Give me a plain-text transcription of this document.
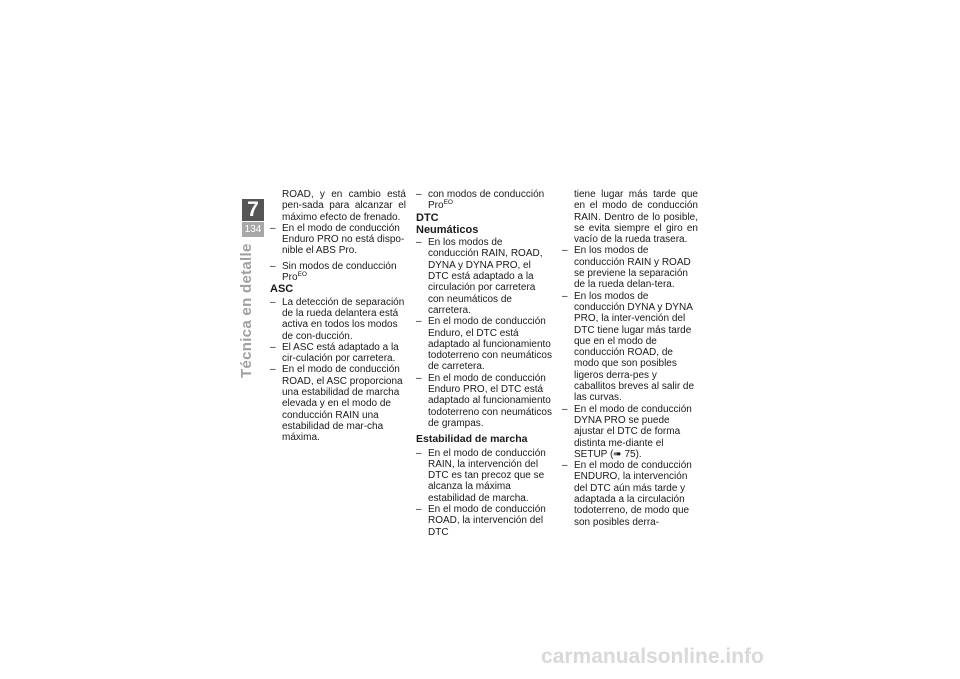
7
134
Técnica en detalle

ROAD, y en cambio está pen-sada para alcanzar el máximo efecto de frenado.

– En el modo de conducción Enduro PRO no está dispo-nible el ABS Pro.

– Sin modos de conducción Pro$^{EO}$

ASC

– La detección de separación de la rueda delantera está activa en todos los modos de con-ducción.

– El ASC está adaptado a la cir-culación por carretera.

– En el modo de conducción ROAD, el ASC proporciona una estabilidad de marcha elevada y en el modo de conducción RAIN una estabilidad de mar-cha máxima.

– con modos de conducción Pro$^{EO}$

DTC

Neumáticos

– En los modos de conducción RAIN, ROAD, DYNA y DYNA PRO, el DTC está adaptado a la circulación por carretera con neumáticos de carretera.

– En el modo de conducción Enduro, el DTC está adaptado al funcionamiento todoterreno con neumáticos de carretera.

– En el modo de conducción Enduro PRO, el DTC está adaptado al funcionamiento todoterreno con neumáticos de grampas.

Estabilidad de marcha

– En el modo de conducción RAIN, la intervención del DTC es tan precoz que se alcanza la máxima estabilidad de marcha.

– En el modo de conducción ROAD, la intervención del DTC

tiene lugar más tarde que en el modo de conducción RAIN. Dentro de lo posible, se evita siempre el giro en vacío de la rueda trasera.

– En los modos de conducción RAIN y ROAD se previene la separación de la rueda delan-tera.

– En los modos de conducción DYNA y DYNA PRO, la inter-vención del DTC tiene lugar más tarde que en el modo de conducción ROAD, de modo que son posibles ligeros derra-pes y caballitos breves al salir de las curvas.

– En el modo de conducción DYNA PRO se puede ajustar el DTC de forma distinta me-diante el SETUP (➠ 75).

– En el modo de conducción ENDURO, la intervención del DTC aún más tarde y adaptada a la circulación todoterreno, de modo que son posibles derra-

carmanualsonline.info
